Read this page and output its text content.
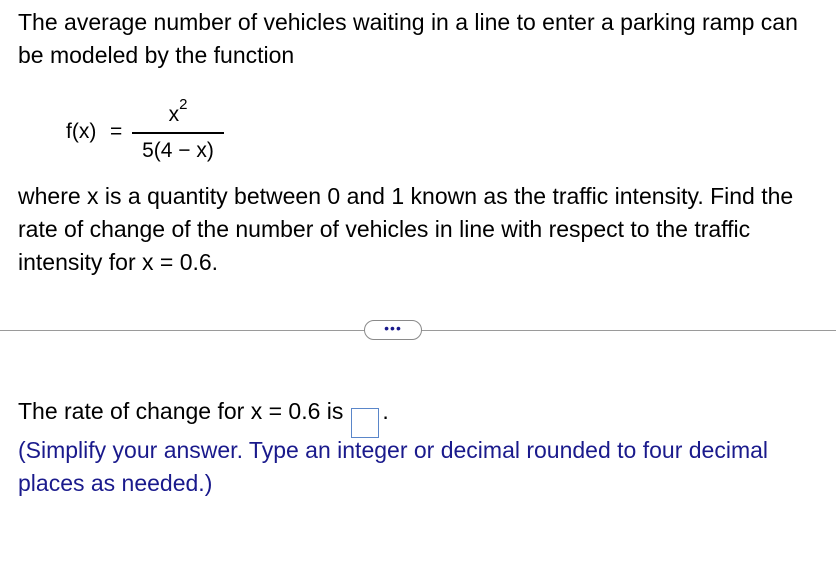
The average number of vehicles waiting in a line to enter a parking ramp can be modeled by the function

f(x) =
$x^2$
5(4 − x)

where x is a quantity between 0 and 1 known as the traffic intensity. Find the rate of change of the number of vehicles in line with respect to the traffic intensity for x = 0.6.

•••
The rate of change for x = 0.6 is .
(Simplify your answer. Type an integer or decimal rounded to four decimal places as needed.)
